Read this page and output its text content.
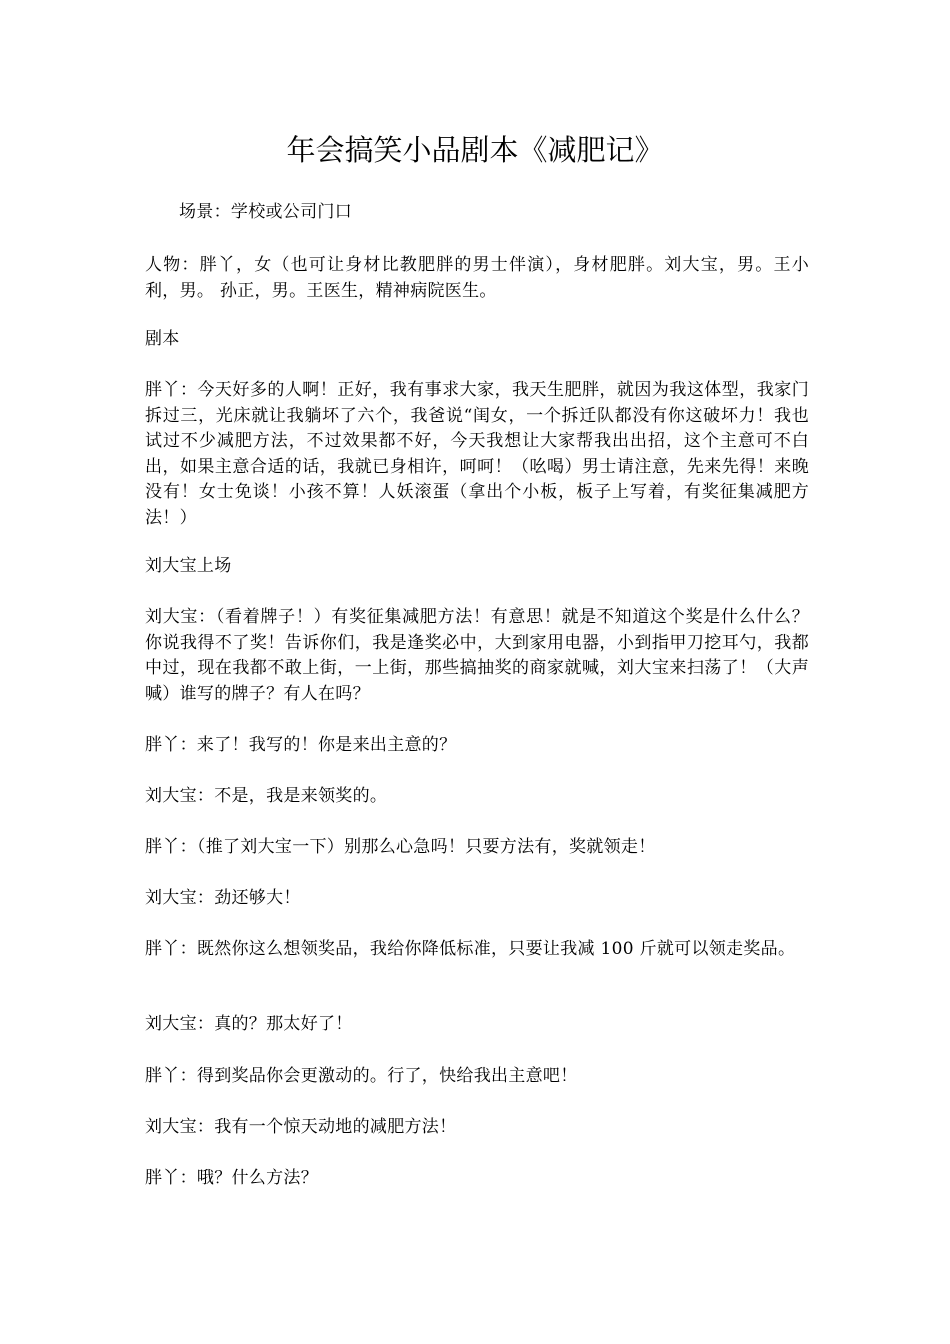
年会搞笑小品剧本《减肥记》

场景：学校或公司门口

人物：胖丫，女（也可让身材比教肥胖的男士伴演），身材肥胖。刘大宝，男。王小利，男。 孙正，男。王医生，精神病院医生。

剧本

胖丫：今天好多的人啊！正好，我有事求大家，我天生肥胖，就因为我这体型，我家门拆过三，光床就让我躺坏了六个，我爸说“闺女，一个拆迁队都没有你这破坏力！我也试过不少减肥方法，不过效果都不好，今天我想让大家帮我出出招，这个主意可不白出，如果主意合适的话，我就已身相许，呵呵！（吆喝）男士请注意，先来先得！来晚没有！女士免谈！小孩不算！人妖滚蛋（拿出个小板，板子上写着，有奖征集减肥方法！）

刘大宝上场

刘大宝：（看着牌子！）有奖征集减肥方法！有意思！就是不知道这个奖是什么什么？你说我得不了奖！告诉你们，我是逢奖必中，大到家用电器，小到指甲刀挖耳勺，我都中过，现在我都不敢上街，一上街，那些搞抽奖的商家就喊，刘大宝来扫荡了！（大声喊）谁写的牌子？有人在吗？

胖丫：来了！我写的！你是来出主意的？

刘大宝：不是，我是来领奖的。

胖丫：（推了刘大宝一下）别那么心急吗！只要方法有，奖就领走！

刘大宝：劲还够大！

胖丫：既然你这么想领奖品，我给你降低标准，只要让我减 100 斤就可以领走奖品。

刘大宝：真的？那太好了！

胖丫：得到奖品你会更激动的。行了，快给我出主意吧！

刘大宝：我有一个惊天动地的减肥方法！

胖丫：哦？什么方法？
